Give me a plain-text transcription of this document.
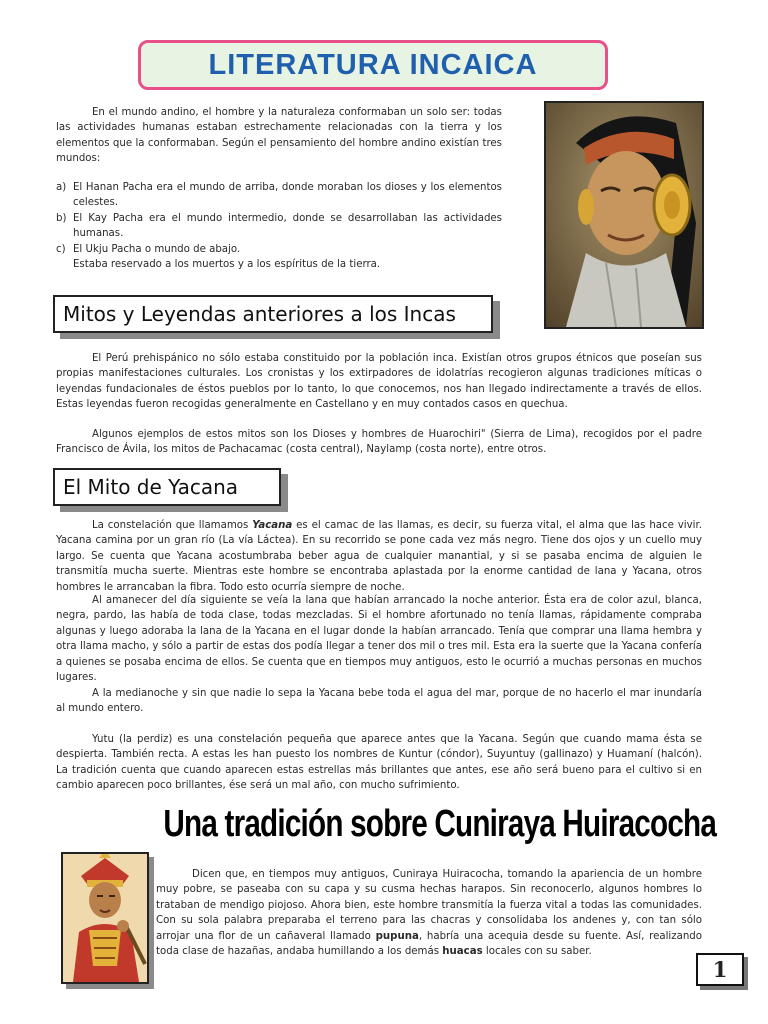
LITERATURA INCAICA

En el mundo andino, el hombre y la naturaleza conformaban un solo ser: todas las actividades humanas estaban estrechamente relacionadas con la tierra y los elementos que la conformaban. Según el pensamiento del hombre andino existían tres mundos:

a) El Hanan Pacha era el mundo de arriba, donde moraban los dioses y los elementos celestes.
b) El Kay Pacha era el mundo intermedio, donde se desarrollaban las actividades humanas.
c) El Ukju Pacha o mundo de abajo.
Estaba reservado a los muertos y a los espíritus de la tierra.
Mitos y Leyendas anteriores a los Incas

El Perú prehispánico no sólo estaba constituido por la población inca. Existían otros grupos étnicos que poseían sus propias manifestaciones culturales. Los cronistas y los extirpadores de idolatrías recogieron algunas tradiciones míticas o leyendas fundacionales de éstos pueblos por lo tanto, lo que conocemos, nos han llegado indirectamente a través de ellos. Estas leyendas fueron recogidas generalmente en Castellano y en muy contados casos en quechua.

Algunos ejemplos de estos mitos son los Dioses y hombres de Huarochiri" (Sierra de Lima), recogidos por el padre Francisco de Ávila, los mitos de Pachacamac (costa central), Naylamp (costa norte), entre otros.

El Mito de Yacana

La constelación que llamamos Yacana es el camac de las llamas, es decir, su fuerza vital, el alma que las hace vivir. Yacana camina por un gran río (La vía Láctea). En su recorrido se pone cada vez más negro. Tiene dos ojos y un cuello muy largo. Se cuenta que Yacana acostumbraba beber agua de cualquier manantial, y si se pasaba encima de alguien le transmitía mucha suerte. Mientras este hombre se encontraba aplastada por la enorme cantidad de lana y Yacana, otros hombres le arrancaban la fibra. Todo esto ocurría siempre de noche.

Al amanecer del día siguiente se veía la lana que habían arrancado la noche anterior. Ésta era de color azul, blanca, negra, pardo, las había de toda clase, todas mezcladas. Si el hombre afortunado no tenía llamas, rápidamente compraba algunas y luego adoraba la lana de la Yacana en el lugar donde la habían arrancado. Tenía que comprar una llama hembra y otra llama macho, y sólo a partir de estas dos podía llegar a tener dos mil o tres mil. Esta era la suerte que la Yacana confería a quienes se posaba encima de ellos. Se cuenta que en tiempos muy antiguos, esto le ocurrió a muchas personas en muchos lugares.

A la medianoche y sin que nadie lo sepa la Yacana bebe toda el agua del mar, porque de no hacerlo el mar inundaría al mundo entero.

Yutu (la perdiz) es una constelación pequeña que aparece antes que la Yacana. Según que cuando mama ésta se despierta. También recta. A estas les han puesto los nombres de Kuntur (cóndor), Suyuntuy (gallinazo) y Huamaní (halcón). La tradición cuenta que cuando aparecen estas estrellas más brillantes que antes, ese año será bueno para el cultivo si en cambio aparecen poco brillantes, ése será un mal año, con mucho sufrimiento.

Una tradición sobre Cuniraya Huiracocha

Dicen que, en tiempos muy antiguos, Cuniraya Huiracocha, tomando la apariencia de un hombre muy pobre, se paseaba con su capa y su cusma hechas harapos. Sin reconocerlo, algunos hombres lo trataban de mendigo piojoso. Ahora bien, este hombre transmitía la fuerza vital a todas las comunidades. Con su sola palabra preparaba el terreno para las chacras y consolidaba los andenes y, con tan sólo arrojar una flor de un cañaveral llamado pupuna, habría una acequia desde su fuente. Así, realizando toda clase de hazañas, andaba humillando a los demás huacas locales con su saber.

1
